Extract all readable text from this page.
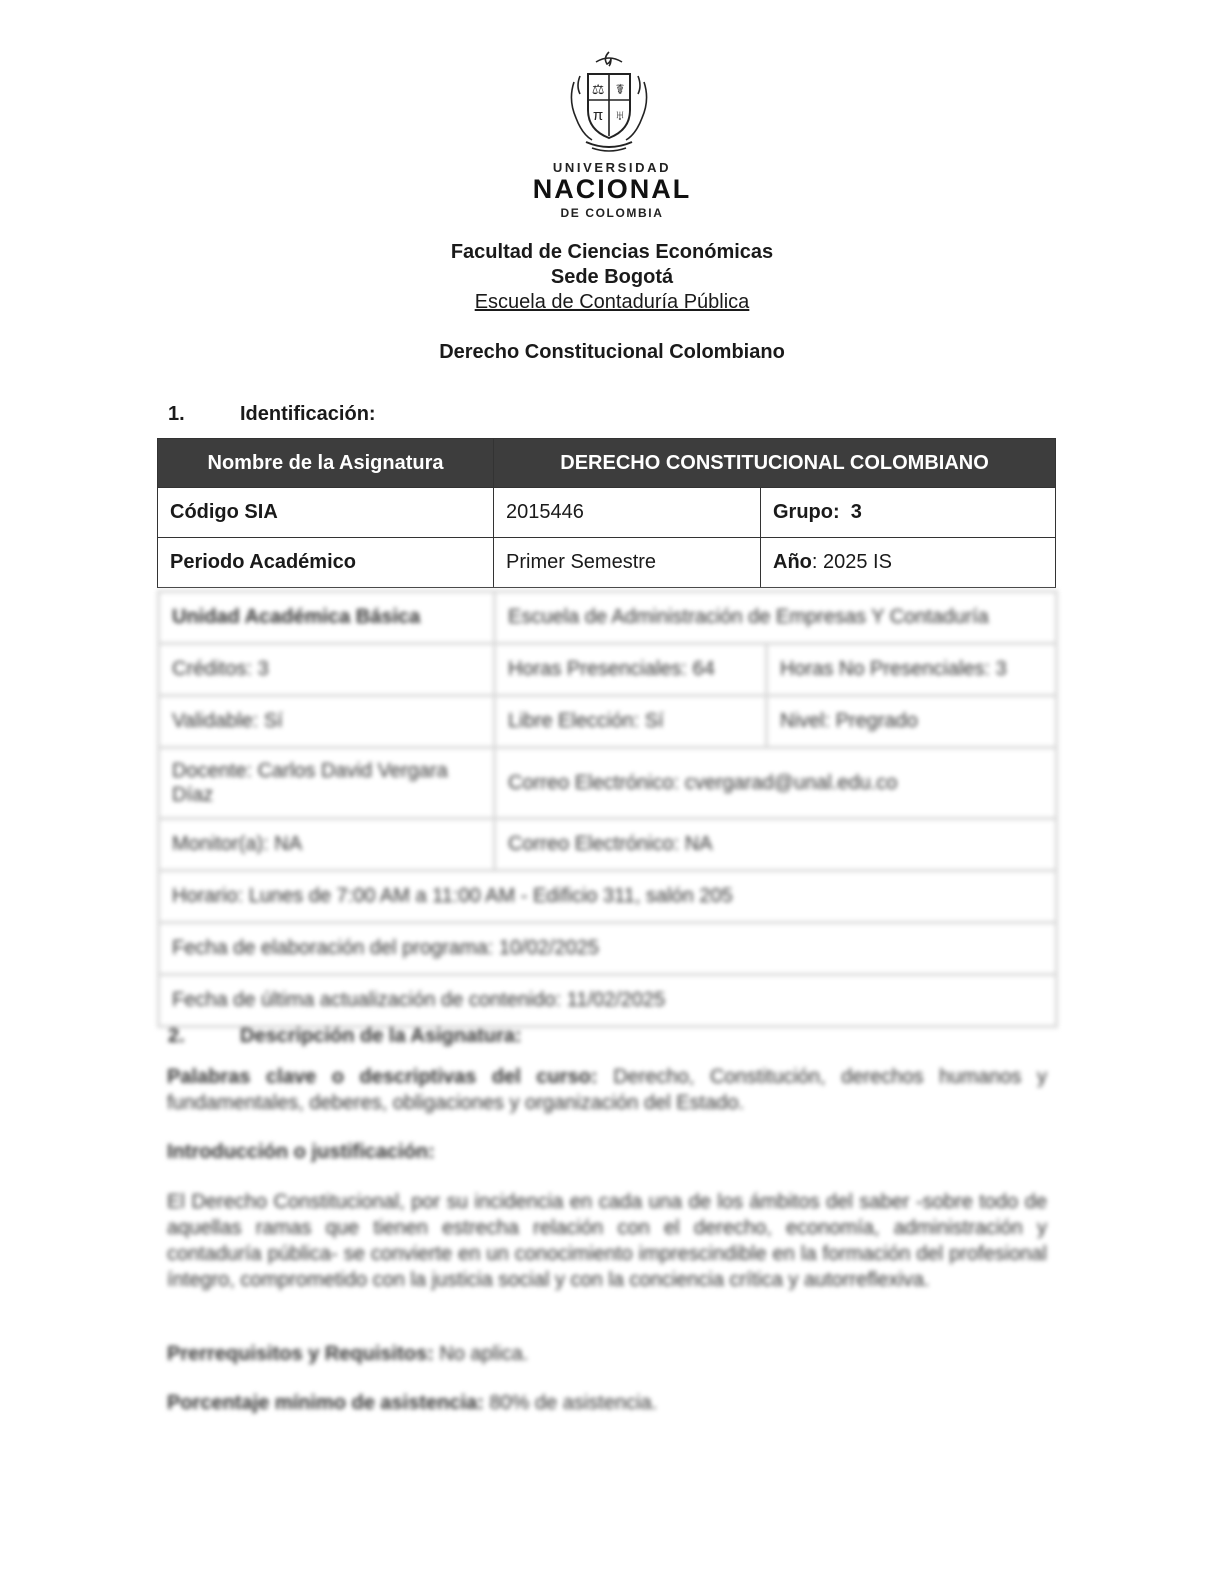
⚖ ☤
π ♅
UNIVERSIDAD
NACIONAL
DE COLOMBIA
Facultad de Ciencias Económicas
Sede Bogotá
Escuela de Contaduría Pública
Derecho Constitucional Colombiano
1.	Identificación:
Nombre de la Asignatura	DERECHO CONSTITUCIONAL COLOMBIANO	
Código SIA	2015446	Grupo: 3
Periodo Académico	Primer Semestre	Año: 2025 IS
Unidad Académica Básica	Escuela de Administración de Empresas Y Contaduría	
Créditos: 3	Horas Presenciales: 64	Horas No Presenciales: 3
Validable: Sí	Libre Elección: Sí	Nivel: Pregrado
Docente: Carlos David Vergara Díaz	Correo Electrónico: cvergarad@unal.edu.co	
Monitor(a): NA	Correo Electrónico: NA	
Horario: Lunes de 7:00 AM a 11:00 AM - Edificio 311, salón 205		
Fecha de elaboración del programa: 10/02/2025		
Fecha de última actualización de contenido: 11/02/2025		
2.	Descripción de la Asignatura:
Palabras clave o descriptivas del curso: Derecho, Constitución, derechos humanos y fundamentales, deberes, obligaciones y organización del Estado.
Introducción o justificación:
El Derecho Constitucional, por su incidencia en cada una de los ámbitos del saber -sobre todo de aquellas ramas que tienen estrecha relación con el derecho, economía, administración y contaduría pública- se convierte en un conocimiento imprescindible en la formación del profesional íntegro, comprometido con la justicia social y con la conciencia crítica y autorreflexiva.
Prerrequisitos y Requisitos: No aplica.
Porcentaje mínimo de asistencia: 80% de asistencia.
